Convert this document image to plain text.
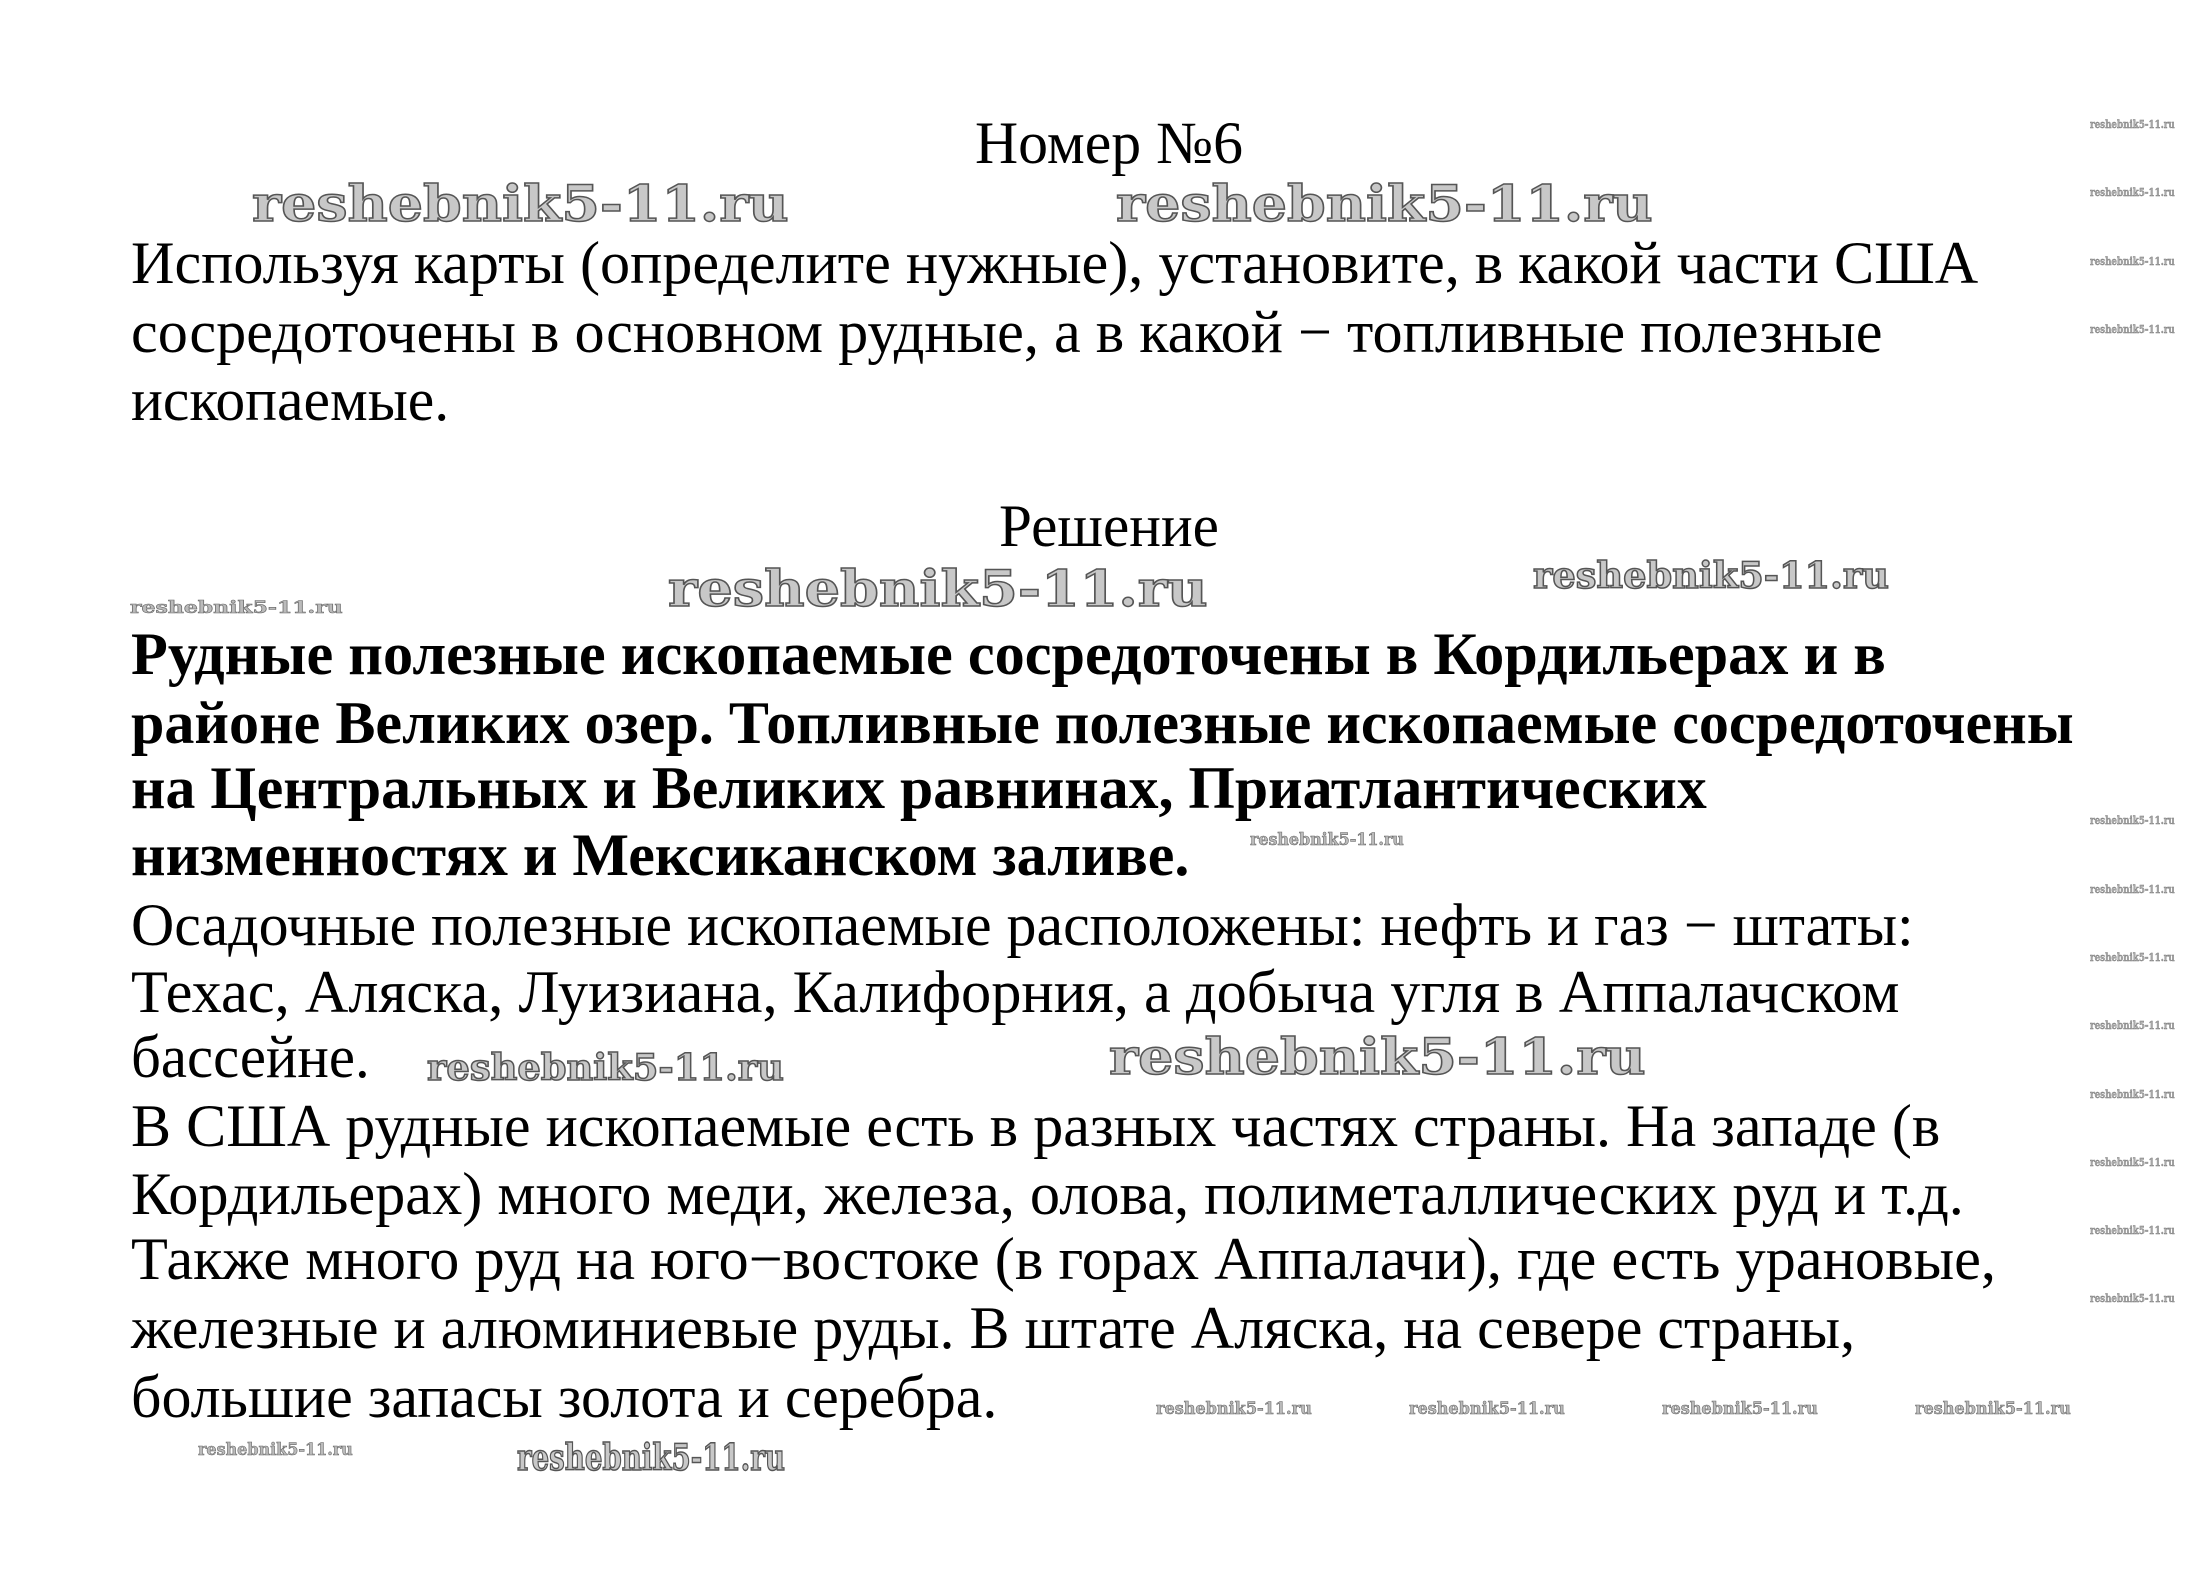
Номер №6
Используя карты (определите нужные), установите, в какой части США
сосредоточены в основном рудные, а в какой − топливные полезные
ископаемые.
Решение
Рудные полезные ископаемые сосредоточены в Кордильерах и в
районе Великих озер. Топливные полезные ископаемые сосредоточены
на Центральных и Великих равнинах, Приатлантических
низменностях и Мексиканском заливе.
Осадочные полезные ископаемые расположены: нефть и газ − штаты:
Техас, Аляска, Луизиана, Калифорния, а добыча угля в Аппалачском
бассейне.
В США рудные ископаемые есть в разных частях страны. На западе (в
Кордильерах) много меди, железа, олова, полиметаллических руд и т.д.
Также много руд на юго−востоке (в горах Аппалачи), где есть урановые,
железные и алюминиевые руды. В штате Аляска, на севере страны,
большие запасы золота и серебра.
reshebnik5-11.ru	reshebnik5-11.ru
reshebnik5-11.ru	reshebnik5-11.ru
reshebnik5-11.ru
reshebnik5-11.ru
reshebnik5-11.ru
reshebnik5-11.ru
reshebnik5-11.ru
reshebnik5-11.ru
reshebnik5-11.ru	reshebnik5-11.ru	reshebnik5-11.ru	reshebnik5-11.ru
reshebnik5-11.ru
reshebnik5-11.ru
reshebnik5-11.ru
reshebnik5-11.ru
reshebnik5-11.ru
reshebnik5-11.ru
reshebnik5-11.ru
reshebnik5-11.ru
reshebnik5-11.ru
reshebnik5-11.ru
reshebnik5-11.ru
reshebnik5-11.ru
